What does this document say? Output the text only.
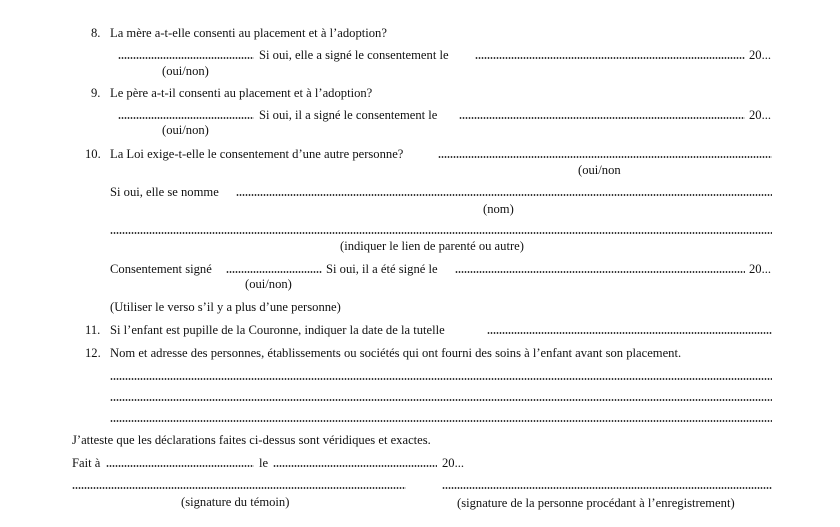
8. La mère a-t-elle consenti au placement et à l’adoption?
Si oui, elle a signé le consentement le	20...
(oui/non)
9. Le père a-t-il consenti au placement et à l’adoption?
Si oui, il a signé le consentement le	20...
(oui/non)
10. La Loi exige-t-elle le consentement d’une autre personne?
(oui/non
Si oui, elle se nomme
(nom)
(indiquer le lien de parenté ou autre)
Consentement signé	Si oui, il a été signé le	20...
(oui/non)
(Utiliser le verso s’il y a plus d’une personne)
11. Si l’enfant est pupille de la Couronne, indiquer la date de la tutelle
12. Nom et adresse des personnes, établissements ou sociétés qui ont fourni des soins à l’enfant avant son placement.
J’atteste que les déclarations faites ci-dessus sont véridiques et exactes.
Fait à	le	20...
(signature du témoin)	(signature de la personne procédant à l’enregistrement)
